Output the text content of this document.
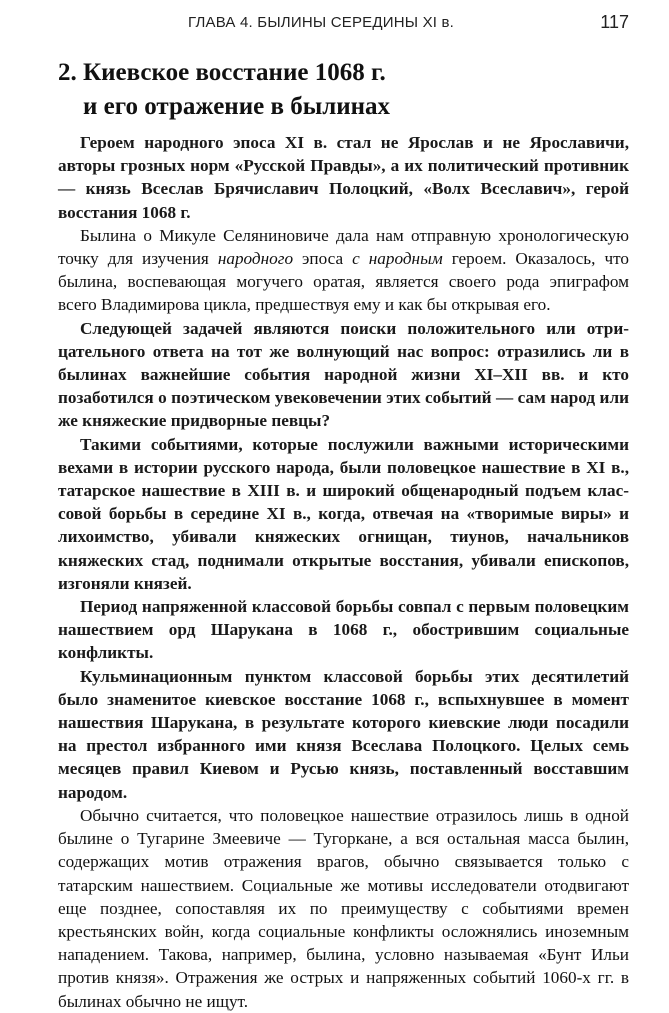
ГЛАВА 4. БЫЛИНЫ СЕРЕДИНЫ XI в.	117
2. Киевское восстание 1068 г.
и его отражение в былинах

Героем народного эпоса XI в. стал не Ярослав и не Ярославичи, авторы грозных норм «Русской Правды», а их политический противник — князь Всеслав Брячиславич Полоцкий, «Волх Всеславич», герой восстания 1068 г.

Былина о Микуле Селяниновиче дала нам отправную хронологическую точку для изучения народного эпоса с народным героем. Оказалось, что былина, воспевающая могучего оратая, является своего рода эпиграфом всего Владимирова цикла, предшествуя ему и как бы открывая его.

Следующей задачей являются поиски положительного или отрицательного ответа на тот же волнующий нас вопрос: отразились ли в былинах важнейшие события народной жизни XI–XII вв. и кто позаботился о поэтическом увековечении этих событий — сам народ или же княжеские придворные певцы?

Такими событиями, которые послужили важными историческими вехами в истории русского народа, были половецкое нашествие в XI в., татарское нашествие в XIII в. и широкий общенародный подъем классовой борьбы в середине XI в., когда, отвечая на «творимые виры» и лихоимство, убивали княжеских огнищан, тиунов, начальников княжеских стад, поднимали открытые восстания, убивали епископов, изгоняли князей.

Период напряженной классовой борьбы совпал с первым половецким нашествием орд Шарукана в 1068 г., обострившим социальные конфликты.

Кульминационным пунктом классовой борьбы этих десятилетий было знаменитое киевское восстание 1068 г., вспыхнувшее в момент нашествия Шарукана, в результате которого киевские люди посадили на престол избранного ими князя Всеслава Полоцкого. Целых семь месяцев правил Киевом и Русью князь, поставленный восставшим народом.

Обычно считается, что половецкое нашествие отразилось лишь в одной былине о Тугарине Змеевиче — Тугоркане, а вся остальная масса былин, содержащих мотив отражения врагов, обычно связывается только с татарским нашествием. Социальные же мотивы исследователи отодвигают еще позднее, сопоставляя их по преимуществу с событиями времен крестьянских войн, когда социальные конфликты осложнялись иноземным нападением. Такова, например, былина, условно называемая «Бунт Ильи против князя». Отражения же острых и напряженных событий 1060-х гг. в былинах обычно не ищут.
